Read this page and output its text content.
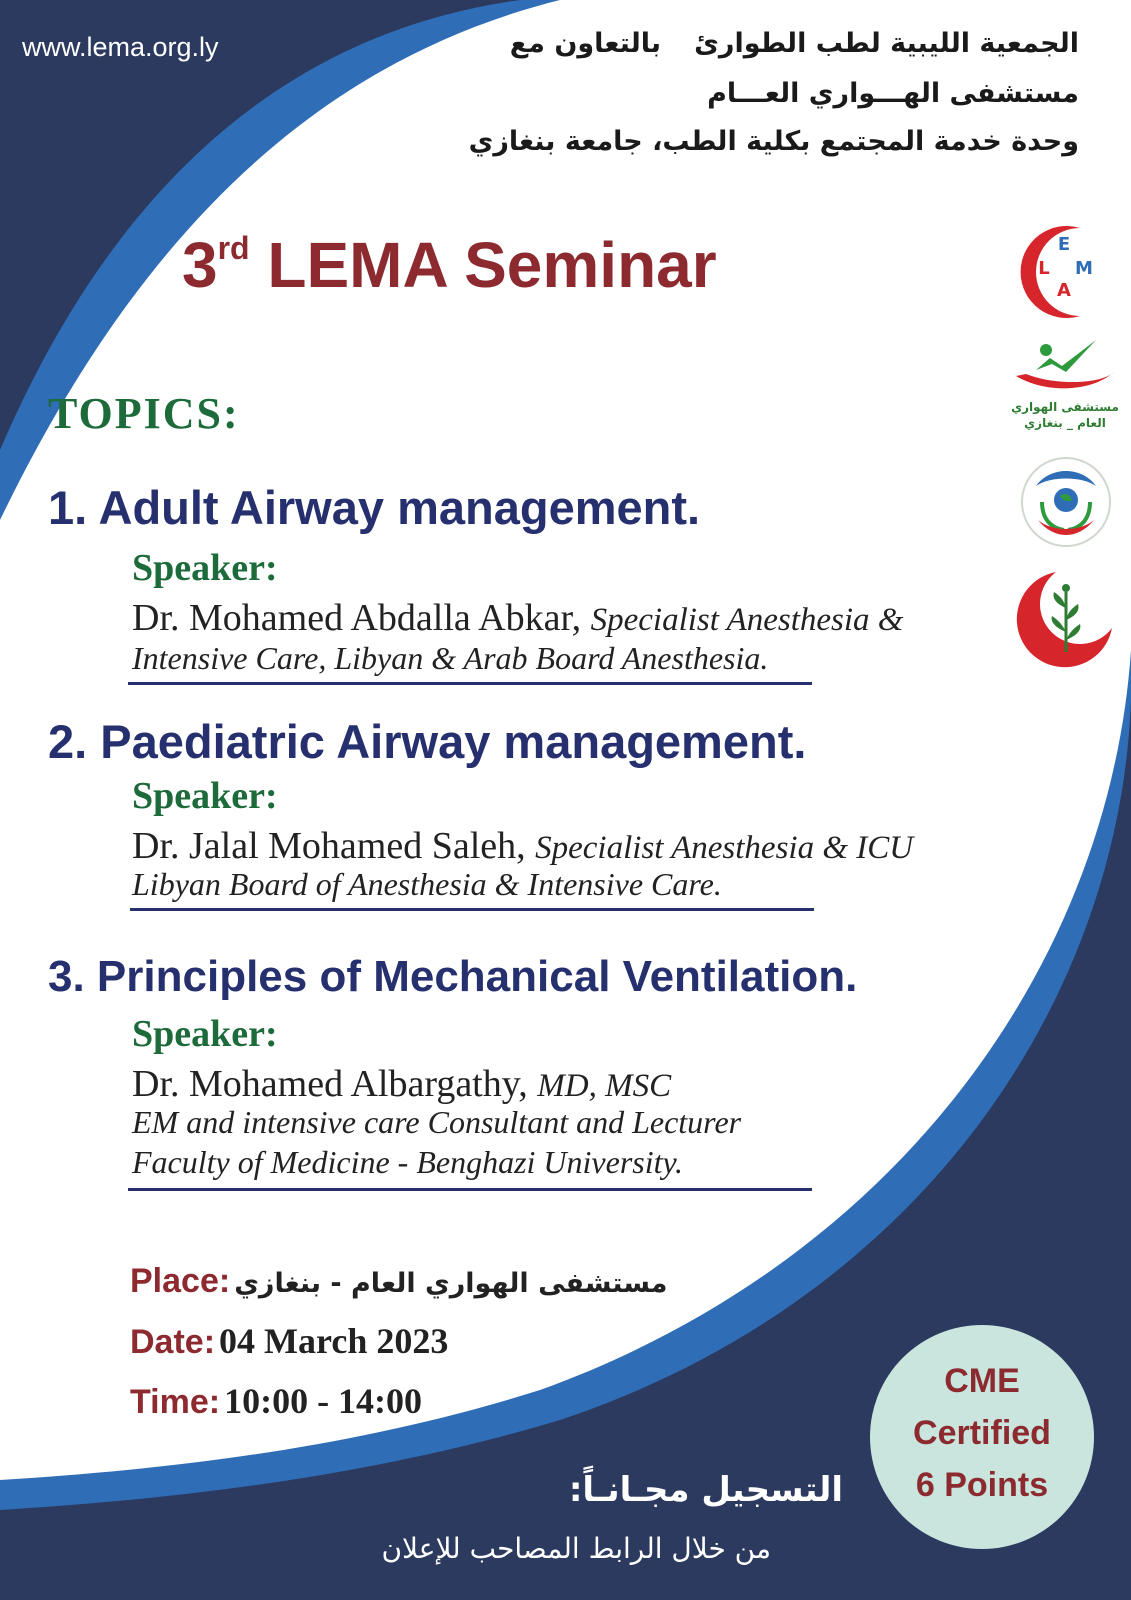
www.lema.org.ly	الجمعية الليبية لطب الطوارئ
بالتعاون مع
مستشفى الهـــواري العـــام
وحدة خدمة المجتمع بكلية الطب، جامعة بنغازي
3rd LEMA Seminar
TOPICS:
1. Adult Airway management.
Speaker:
Dr. Mohamed Abdalla Abkar, Specialist Anesthesia &
Intensive Care, Libyan & Arab Board Anesthesia.
2. Paediatric Airway management.
Speaker:
Dr. Jalal Mohamed Saleh, Specialist Anesthesia & ICU
Libyan Board of Anesthesia & Intensive Care.
3. Principles of Mechanical Ventilation.
Speaker:
Dr. Mohamed Albargathy, MD, MSC
EM and intensive care Consultant and Lecturer
Faculty of Medicine - Benghazi University.
Place: مستشفى الهواري العام - بنغازي
Date: 04 March 2023
Time: 10:00 - 14:00	CME
Certified
6 Points
التسجيل مجـانـاً:
من خلال الرابط المصاحب للإعلان
E
L M
A
مستشفى الهواري
العام _ بنغازي
